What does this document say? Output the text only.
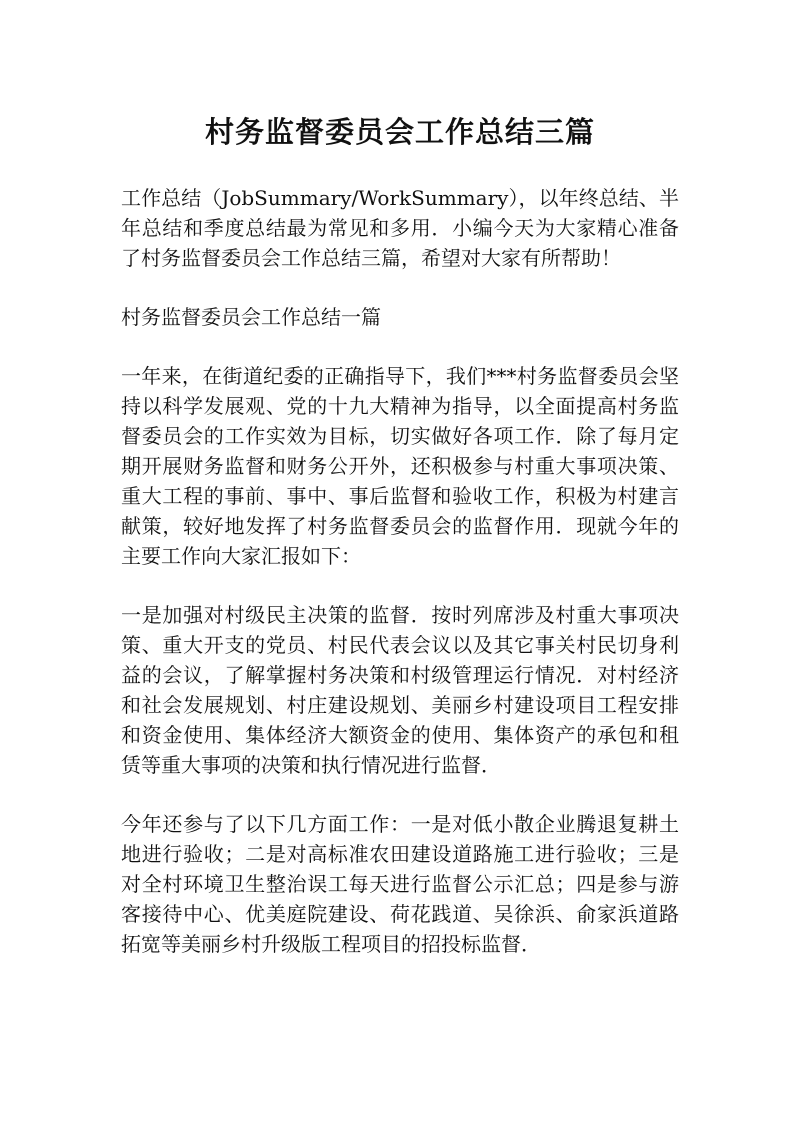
村务监督委员会工作总结三篇

工作总结（JobSummary/WorkSummary），以年终总结、半年总结和季度总结最为常见和多用．小编今天为大家精心准备了村务监督委员会工作总结三篇，希望对大家有所帮助！

村务监督委员会工作总结一篇

一年来，在街道纪委的正确指导下，我们***村务监督委员会坚持以科学发展观、党的十九大精神为指导，以全面提高村务监督委员会的工作实效为目标，切实做好各项工作．除了每月定期开展财务监督和财务公开外，还积极参与村重大事项决策、重大工程的事前、事中、事后监督和验收工作，积极为村建言献策，较好地发挥了村务监督委员会的监督作用．现就今年的主要工作向大家汇报如下：

一是加强对村级民主决策的监督．按时列席涉及村重大事项决策、重大开支的党员、村民代表会议以及其它事关村民切身利益的会议，了解掌握村务决策和村级管理运行情况．对村经济和社会发展规划、村庄建设规划、美丽乡村建设项目工程安排和资金使用、集体经济大额资金的使用、集体资产的承包和租赁等重大事项的决策和执行情况进行监督．

今年还参与了以下几方面工作：一是对低小散企业腾退复耕土地进行验收；二是对高标准农田建设道路施工进行验收；三是对全村环境卫生整治误工每天进行监督公示汇总；四是参与游客接待中心、优美庭院建设、荷花践道、吴徐浜、俞家浜道路拓宽等美丽乡村升级版工程项目的招投标监督．
